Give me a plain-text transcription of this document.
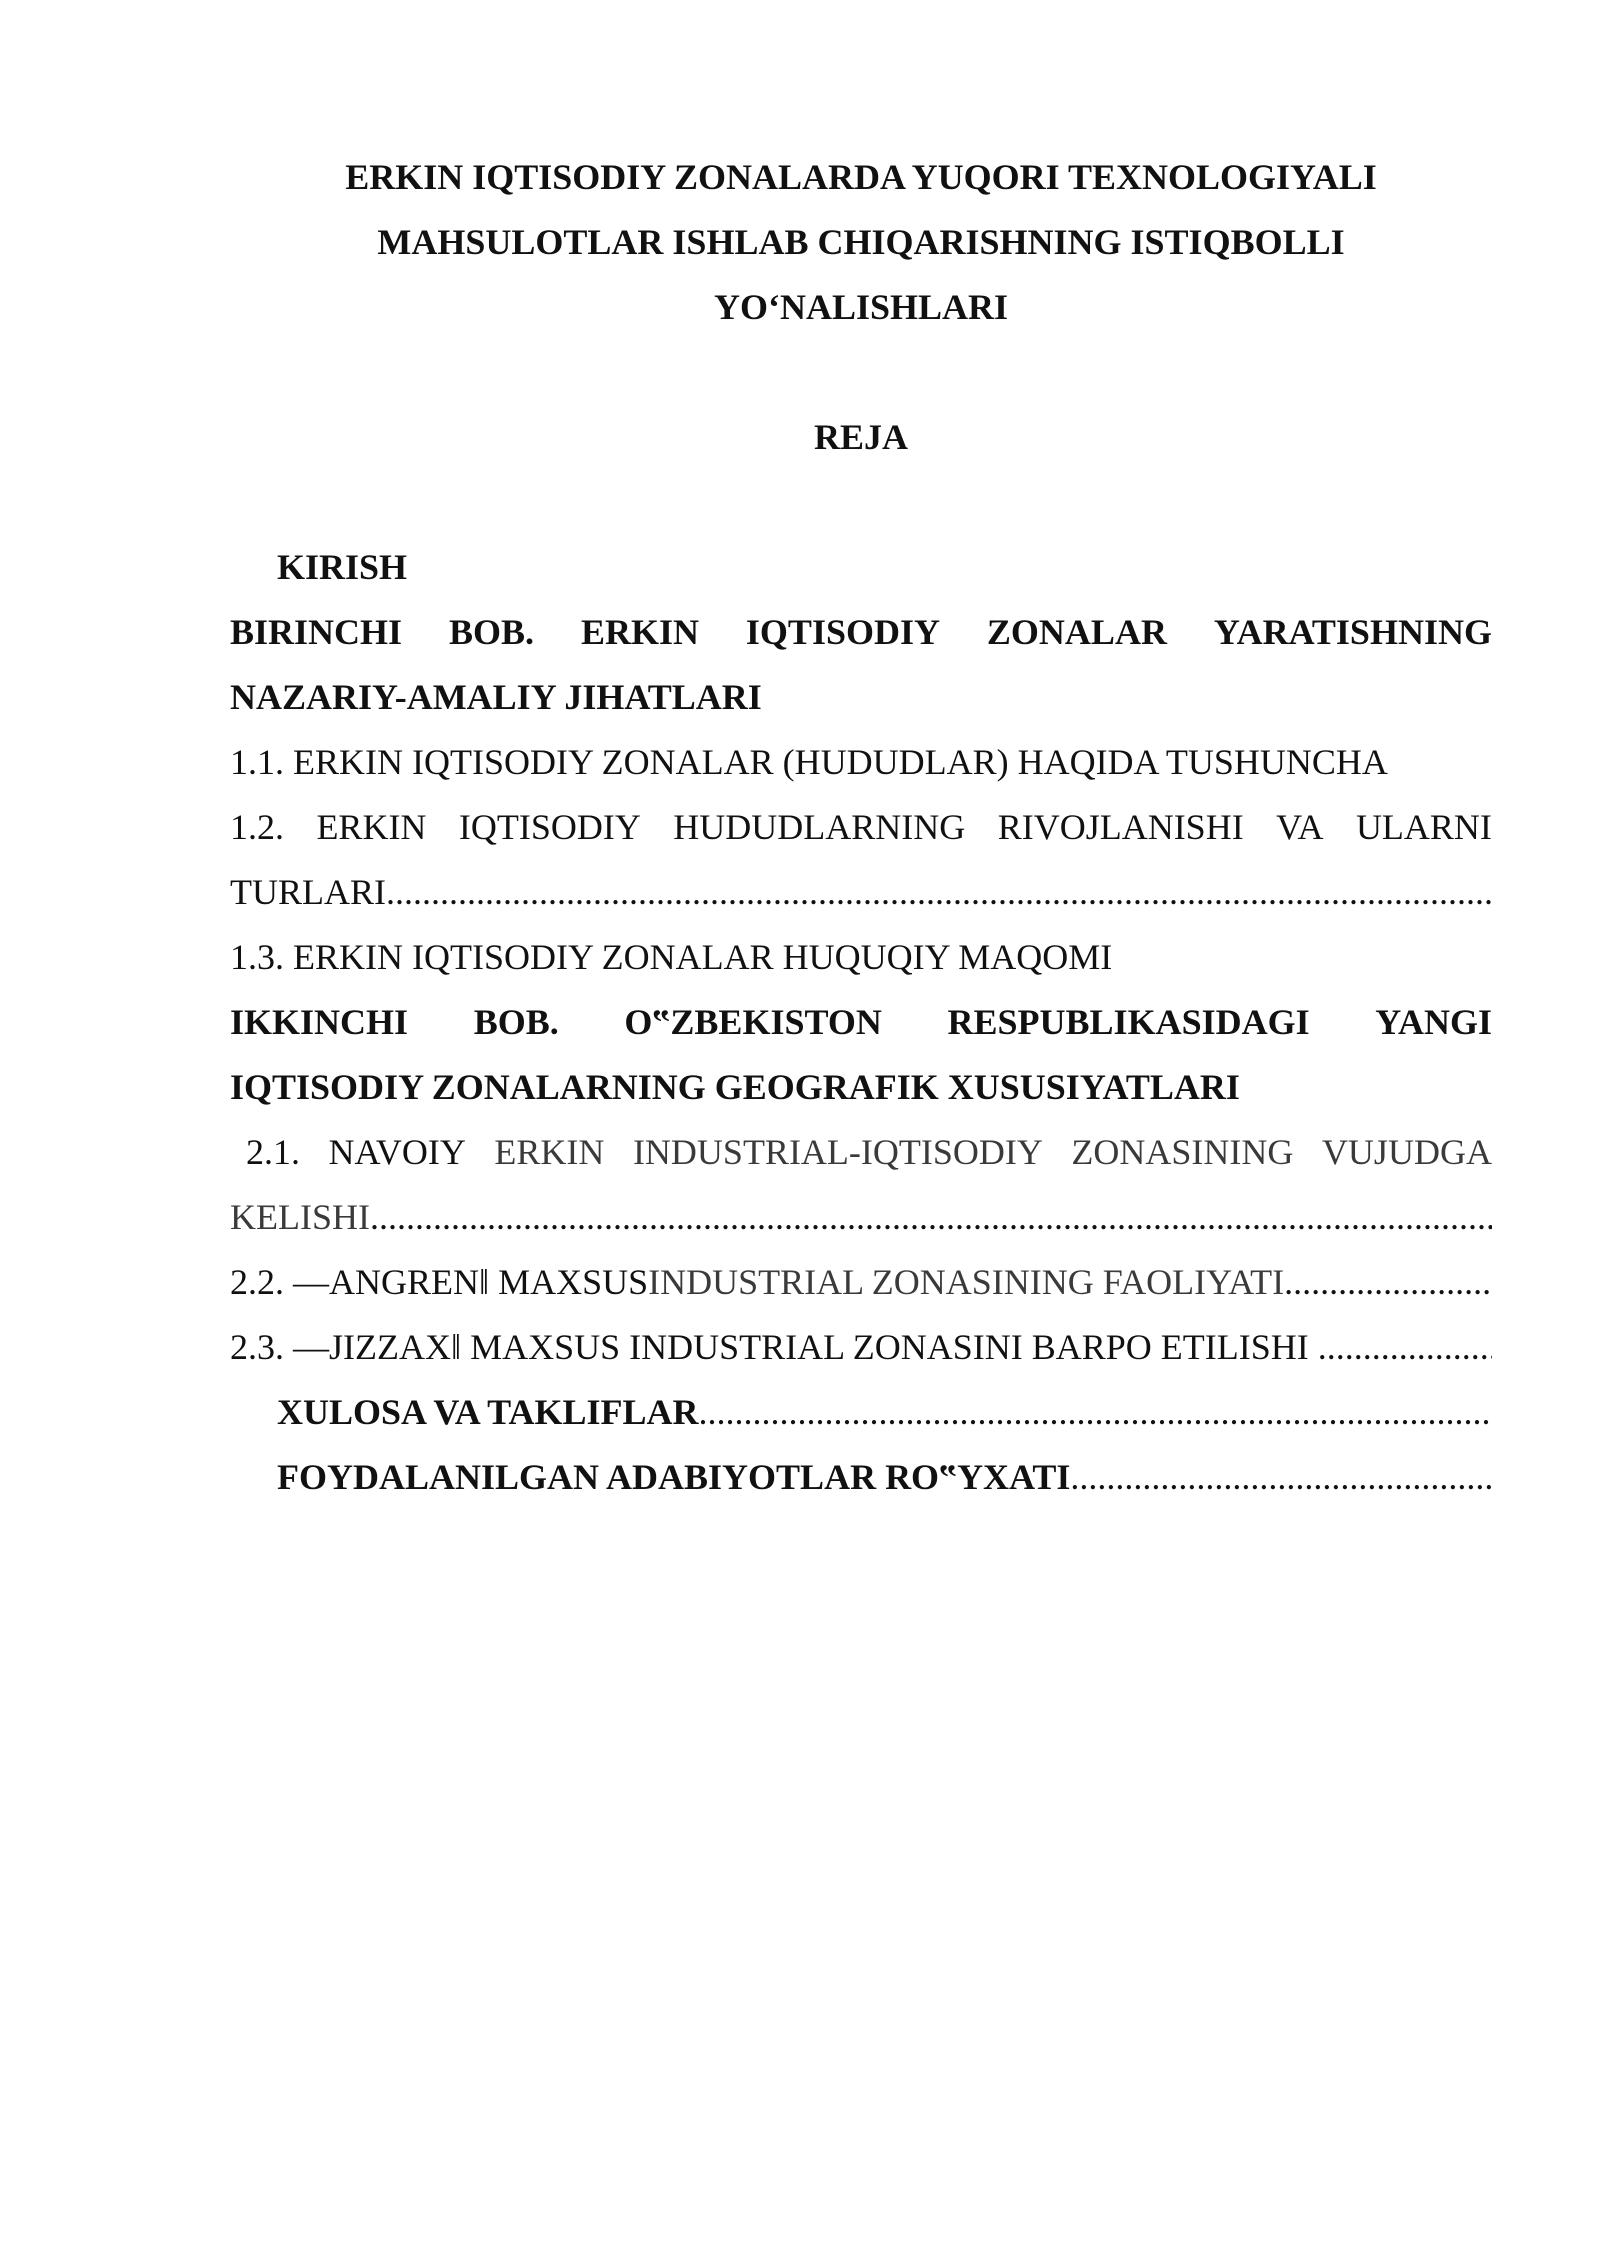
ERKIN IQTISODIY ZONALARDA YUQORI TEXNOLOGIYALI
MAHSULOTLAR ISHLAB CHIQARISHNING ISTIQBOLLI
YO‘NALISHLARI
REJA
KIRISH
BIRINCHI BOB. ERKIN IQTISODIY ZONALAR YARATISHNING
NAZARIY-AMALIY JIHATLARI
1.1. ERKIN IQTISODIY ZONALAR (HUDUDLAR) HAQIDA TUSHUNCHA
1.2. ERKIN IQTISODIY HUDUDLARNING RIVOJLANISHI VA ULARNI
TURLARI
.....
1.3. ERKIN IQTISODIY ZONALAR HUQUQIY MAQOMI
IKKINCHI BOB. O‟ZBEKISTON RESPUBLIKASIDAGI YANGI
IQTISODIY ZONALARNING GEOGRAFIK XUSUSIYATLARI
2.1. NAVOIY ERKIN INDUSTRIAL-IQTISODIY ZONASINING VUJUDGA
KELISHI
.....
2.2. ―ANGREN‖ MAXSUS INDUSTRIAL ZONASINING FAOLIYATI
.....
2.3. ―JIZZAX‖ MAXSUS INDUSTRIAL ZONASINI BARPO ETILISHI

.....
XULOSA VA TAKLIFLAR
.....
FOYDALANILGAN ADABIYOTLAR RO‟YXATI
.....
